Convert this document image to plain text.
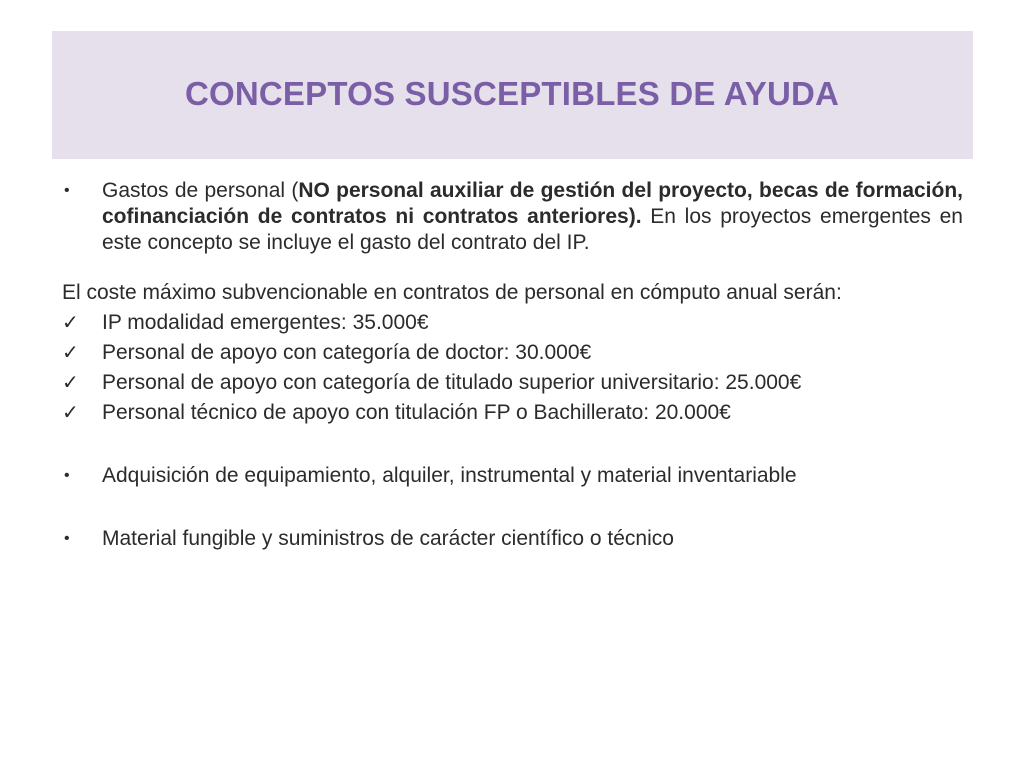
CONCEPTOS SUSCEPTIBLES DE AYUDA
•	Gastos de personal (NO personal auxiliar de gestión del proyecto, becas de formación, cofinanciación de contratos ni contratos anteriores). En los proyectos emergentes en este concepto se incluye el gasto del contrato del IP.
El coste máximo subvencionable en contratos de personal en cómputo anual serán:
✓	IP modalidad emergentes: 35.000€
✓	Personal de apoyo con categoría de doctor: 30.000€
✓	Personal de apoyo con categoría de titulado superior universitario: 25.000€
✓	Personal técnico de apoyo con titulación FP o Bachillerato: 20.000€
•	Adquisición de equipamiento, alquiler, instrumental y material inventariable
•	Material fungible y suministros de carácter científico o técnico
